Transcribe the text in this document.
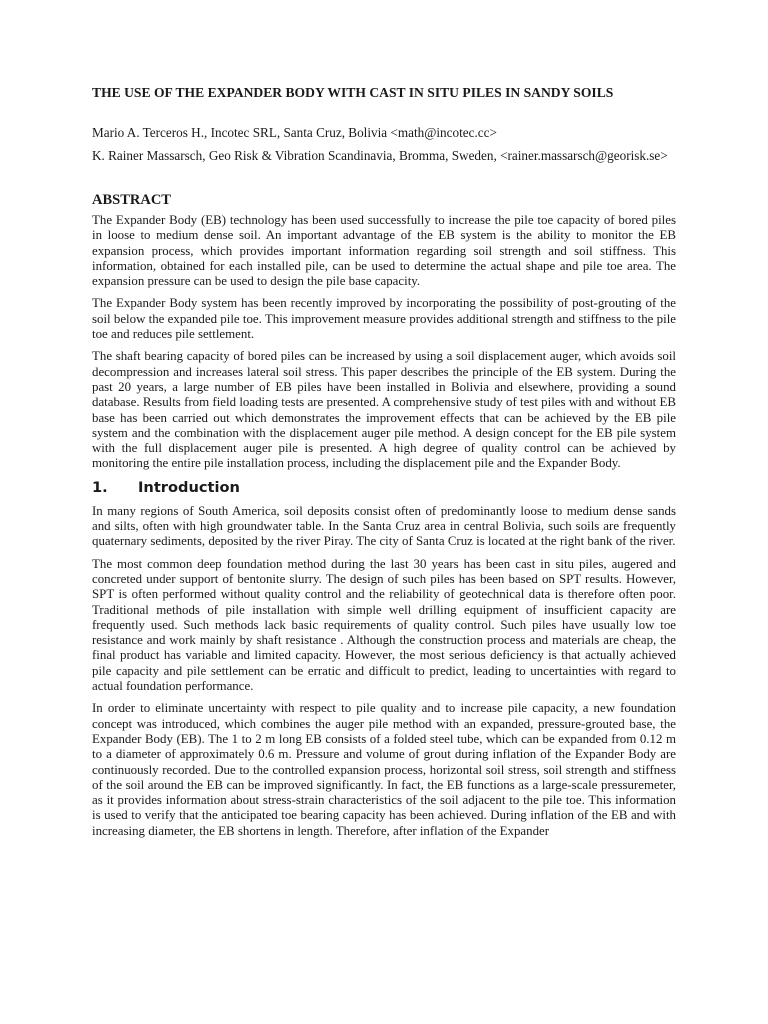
THE USE OF THE EXPANDER BODY WITH CAST IN SITU PILES IN SANDY SOILS
Mario A. Terceros H., Incotec SRL, Santa Cruz, Bolivia <math@incotec.cc>
K. Rainer Massarsch, Geo Risk & Vibration Scandinavia, Bromma, Sweden, <rainer.massarsch@georisk.se>
ABSTRACT

The Expander Body (EB) technology has been used successfully to increase the pile toe capacity of bored piles in loose to medium dense soil. An important advantage of the EB system is the ability to monitor the EB expansion process, which provides important information regarding soil strength and soil stiffness. This information, obtained for each installed pile, can be used to determine the actual shape and pile toe area. The expansion pressure can be used to design the pile base capacity.

The Expander Body system has been recently improved by incorporating the possibility of post-grouting of the soil below the expanded pile toe. This improvement measure provides additional strength and stiffness to the pile toe and reduces pile settlement.

The shaft bearing capacity of bored piles can be increased by using a soil displacement auger, which avoids soil decompression and increases lateral soil stress. This paper describes the principle of the EB system. During the past 20 years, a large number of EB piles have been installed in Bolivia and elsewhere, providing a sound database. Results from field loading tests are presented. A comprehensive study of test piles with and without EB base has been carried out which demonstrates the improvement effects that can be achieved by the EB pile system and the combination with the displacement auger pile method. A design concept for the EB pile system with the full displacement auger pile is presented. A high degree of quality control can be achieved by monitoring the entire pile installation process, including the displacement pile and the Expander Body.

1.	Introduction

In many regions of South America, soil deposits consist often of predominantly loose to medium dense sands and silts, often with high groundwater table. In the Santa Cruz area in central Bolivia, such soils are frequently quaternary sediments, deposited by the river Piray. The city of Santa Cruz is located at the right bank of the river.

The most common deep foundation method during the last 30 years has been cast in situ piles, augered and concreted under support of bentonite slurry. The design of such piles has been based on SPT results. However, SPT is often performed without quality control and the reliability of geotechnical data is therefore often poor. Traditional methods of pile installation with simple well drilling equipment of insufficient capacity are frequently used. Such methods lack basic requirements of quality control. Such piles have usually low toe resistance and work mainly by shaft resistance . Although the construction process and materials are cheap, the final product has variable and limited capacity. However, the most serious deficiency is that actually achieved pile capacity and pile settlement can be erratic and difficult to predict, leading to uncertainties with regard to actual foundation performance.

In order to eliminate uncertainty with respect to pile quality and to increase pile capacity, a new foundation concept was introduced, which combines the auger pile method with an expanded, pressure-grouted base, the Expander Body (EB). The 1 to 2 m long EB consists of a folded steel tube, which can be expanded from 0.12 m to a diameter of approximately 0.6 m. Pressure and volume of grout during inflation of the Expander Body are continuously recorded. Due to the controlled expansion process, horizontal soil stress, soil strength and stiffness of the soil around the EB can be improved significantly. In fact, the EB functions as a large-scale pressuremeter, as it provides information about stress-strain characteristics of the soil adjacent to the pile toe. This information is used to verify that the anticipated toe bearing capacity has been achieved. During inflation of the EB and with increasing diameter, the EB shortens in length. Therefore, after inflation of the Expander
